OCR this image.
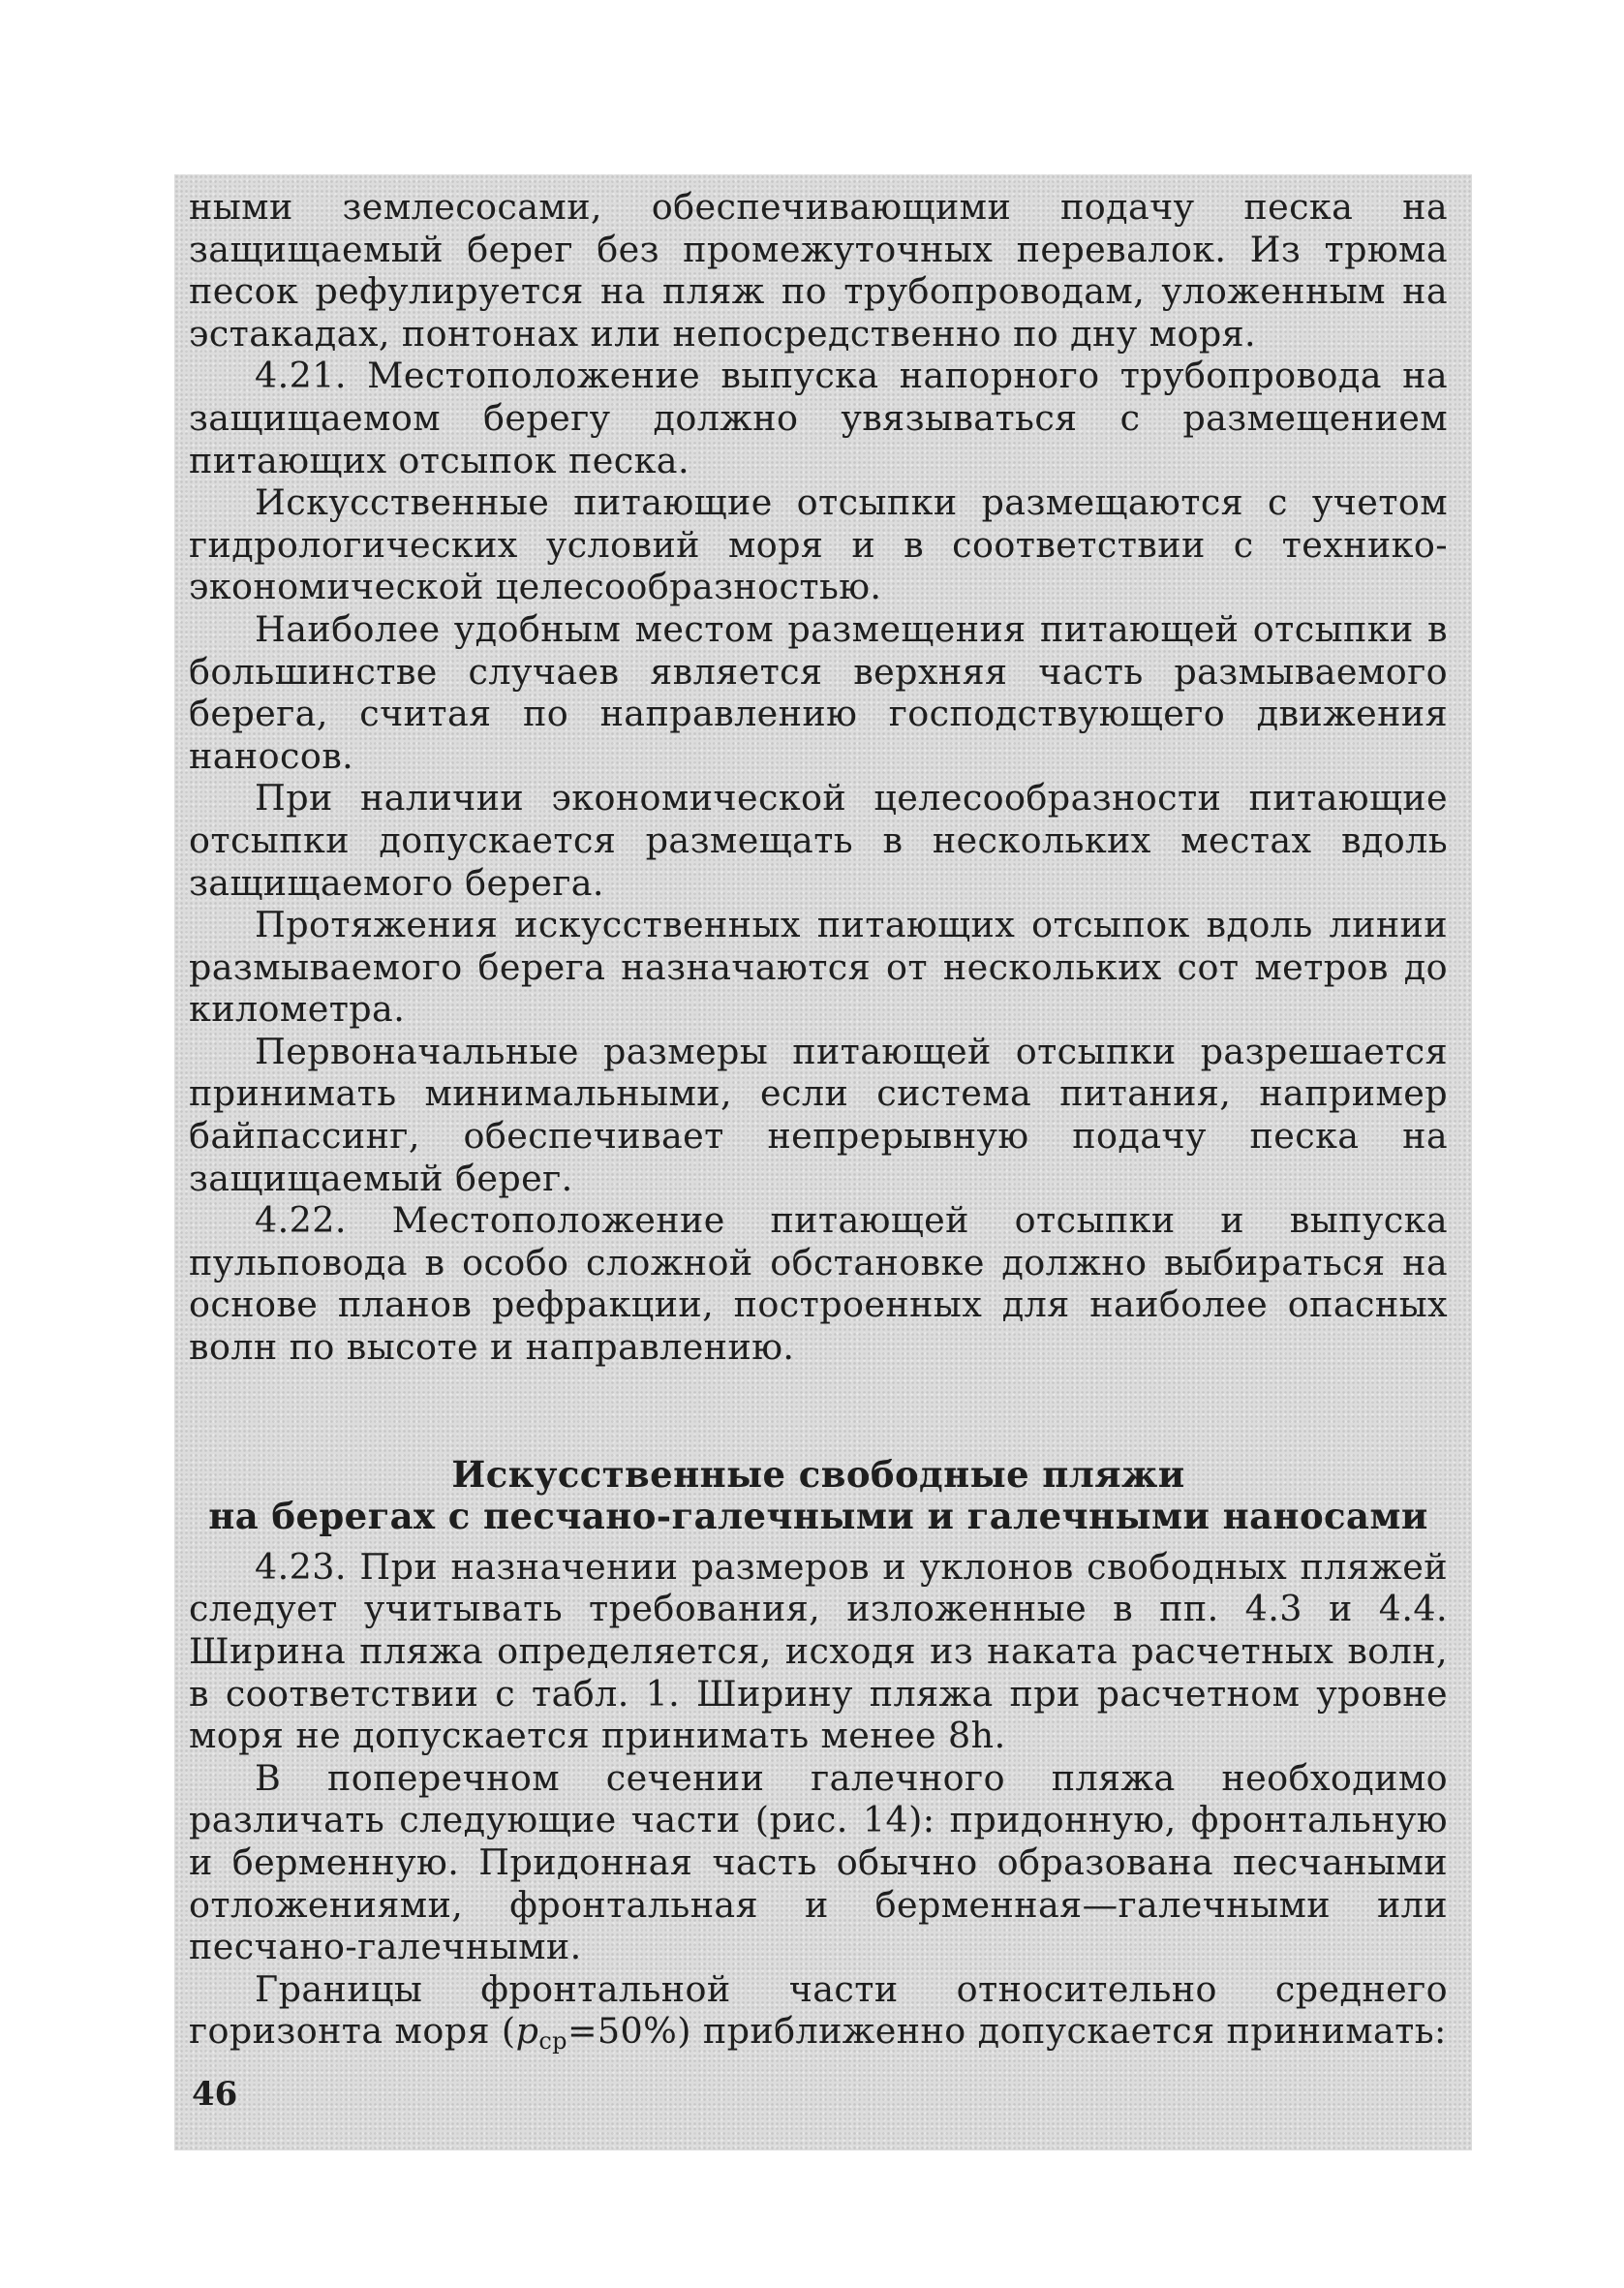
ными землесосами, обеспечивающими подачу песка на защищаемый берег без промежуточных перевалок. Из трюма песок рефулируется на пляж по трубопроводам, уложенным на эстакадах, понтонах или непосредственно по дну моря.

4.21. Местоположение выпуска напорного трубопровода на защищаемом берегу должно увязываться с размещением питающих отсыпок песка.

Искусственные питающие отсыпки размещаются с учетом гидрологических условий моря и в соответствии с технико-экономической целесообразностью.

Наиболее удобным местом размещения питающей отсыпки в большинстве случаев является верхняя часть размываемого берега, считая по направлению господствующего движения наносов.

При наличии экономической целесообразности питающие отсыпки допускается размещать в нескольких местах вдоль защищаемого берега.

Протяжения искусственных питающих отсыпок вдоль линии размываемого берега назначаются от нескольких сот метров до километра.

Первоначальные размеры питающей отсыпки разрешается принимать минимальными, если система питания, например байпассинг, обеспечивает непрерывную подачу песка на защищаемый берег.

4.22. Местоположение питающей отсыпки и выпуска пульповода в особо сложной обстановке должно выбираться на основе планов рефракции, построенных для наиболее опасных волн по высоте и направлению.

Искусственные свободные пляжи
на берегах с песчано-галечными и галечными наносами

4.23. При назначении размеров и уклонов свободных пляжей следует учитывать требования, изложенные в пп. 4.3 и 4.4. Ширина пляжа определяется, исходя из наката расчетных волн, в соответствии с табл. 1. Ширину пляжа при расчетном уровне моря не допускается принимать менее 8h.

В поперечном сечении галечного пляжа необходимо различать следующие части (рис. 14): придонную, фронтальную и берменную. Придонная часть обычно образована песчаными отложениями, фронтальная и берменная—галечными или песчано-галечными.

Границы фронтальной части относительно среднего горизонта моря $(p_{ср}=50\%)$ приближенно допускается принимать:

46
